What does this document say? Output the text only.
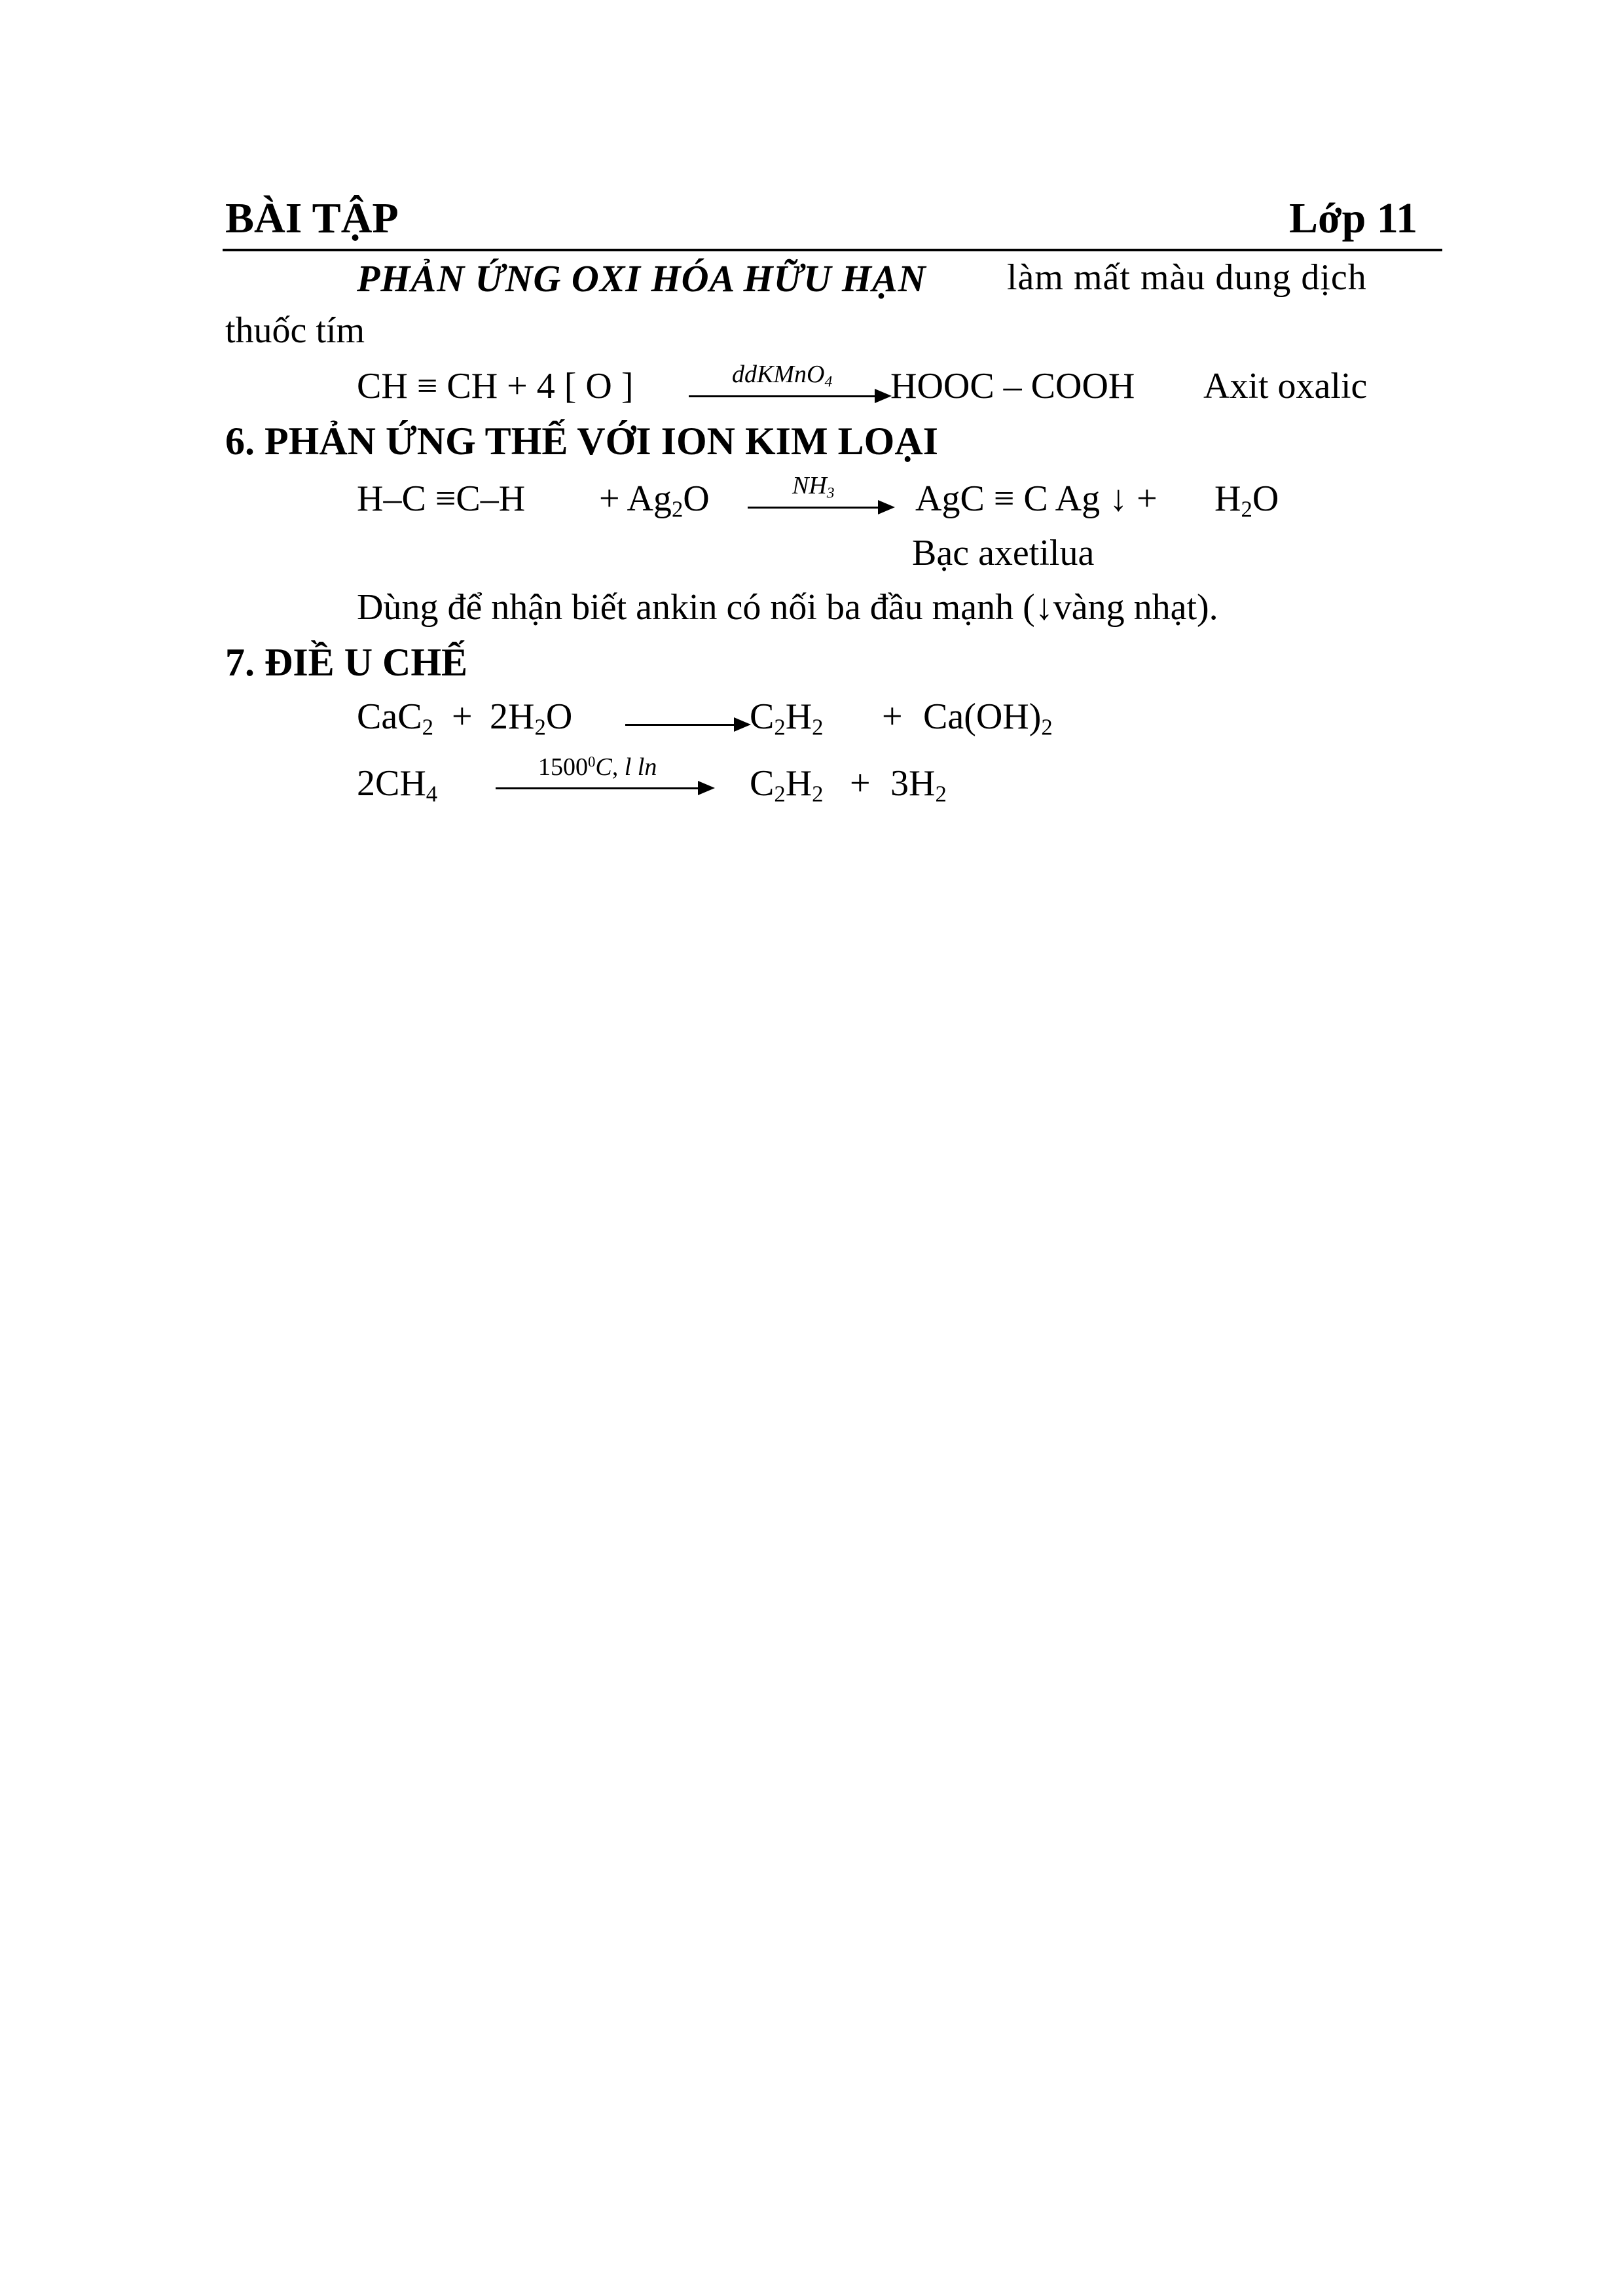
BÀI TẬP	Lớp 11
PHẢN ỨNG OXI HÓA HỮU HẠN làm mất màu dung dịch
thuốc tím
CH ≡ CH + 4 [ O ]	ddKMnO$_4$ HOOC – COOH Axit oxalic
6. PHẢN ỨNG THẾ VỚI ION KIM LOẠI
$H-C \equiv C-H + Ag_2O$	$NH_3$ AgC ≡ C Ag ↓ + $H_2O$
Bạc axetilua
Dùng để nhận biết ankin có nối ba đầu mạnh (↓vàng nhạt).
7. ĐIỀ U CHẾ
$CaC_2 + 2H_2O$	$C_2H_2 + Ca(OH)_2$
$2CH_4$
1500$^0$C, l ln	$C_2H_2 + 3H_2$
